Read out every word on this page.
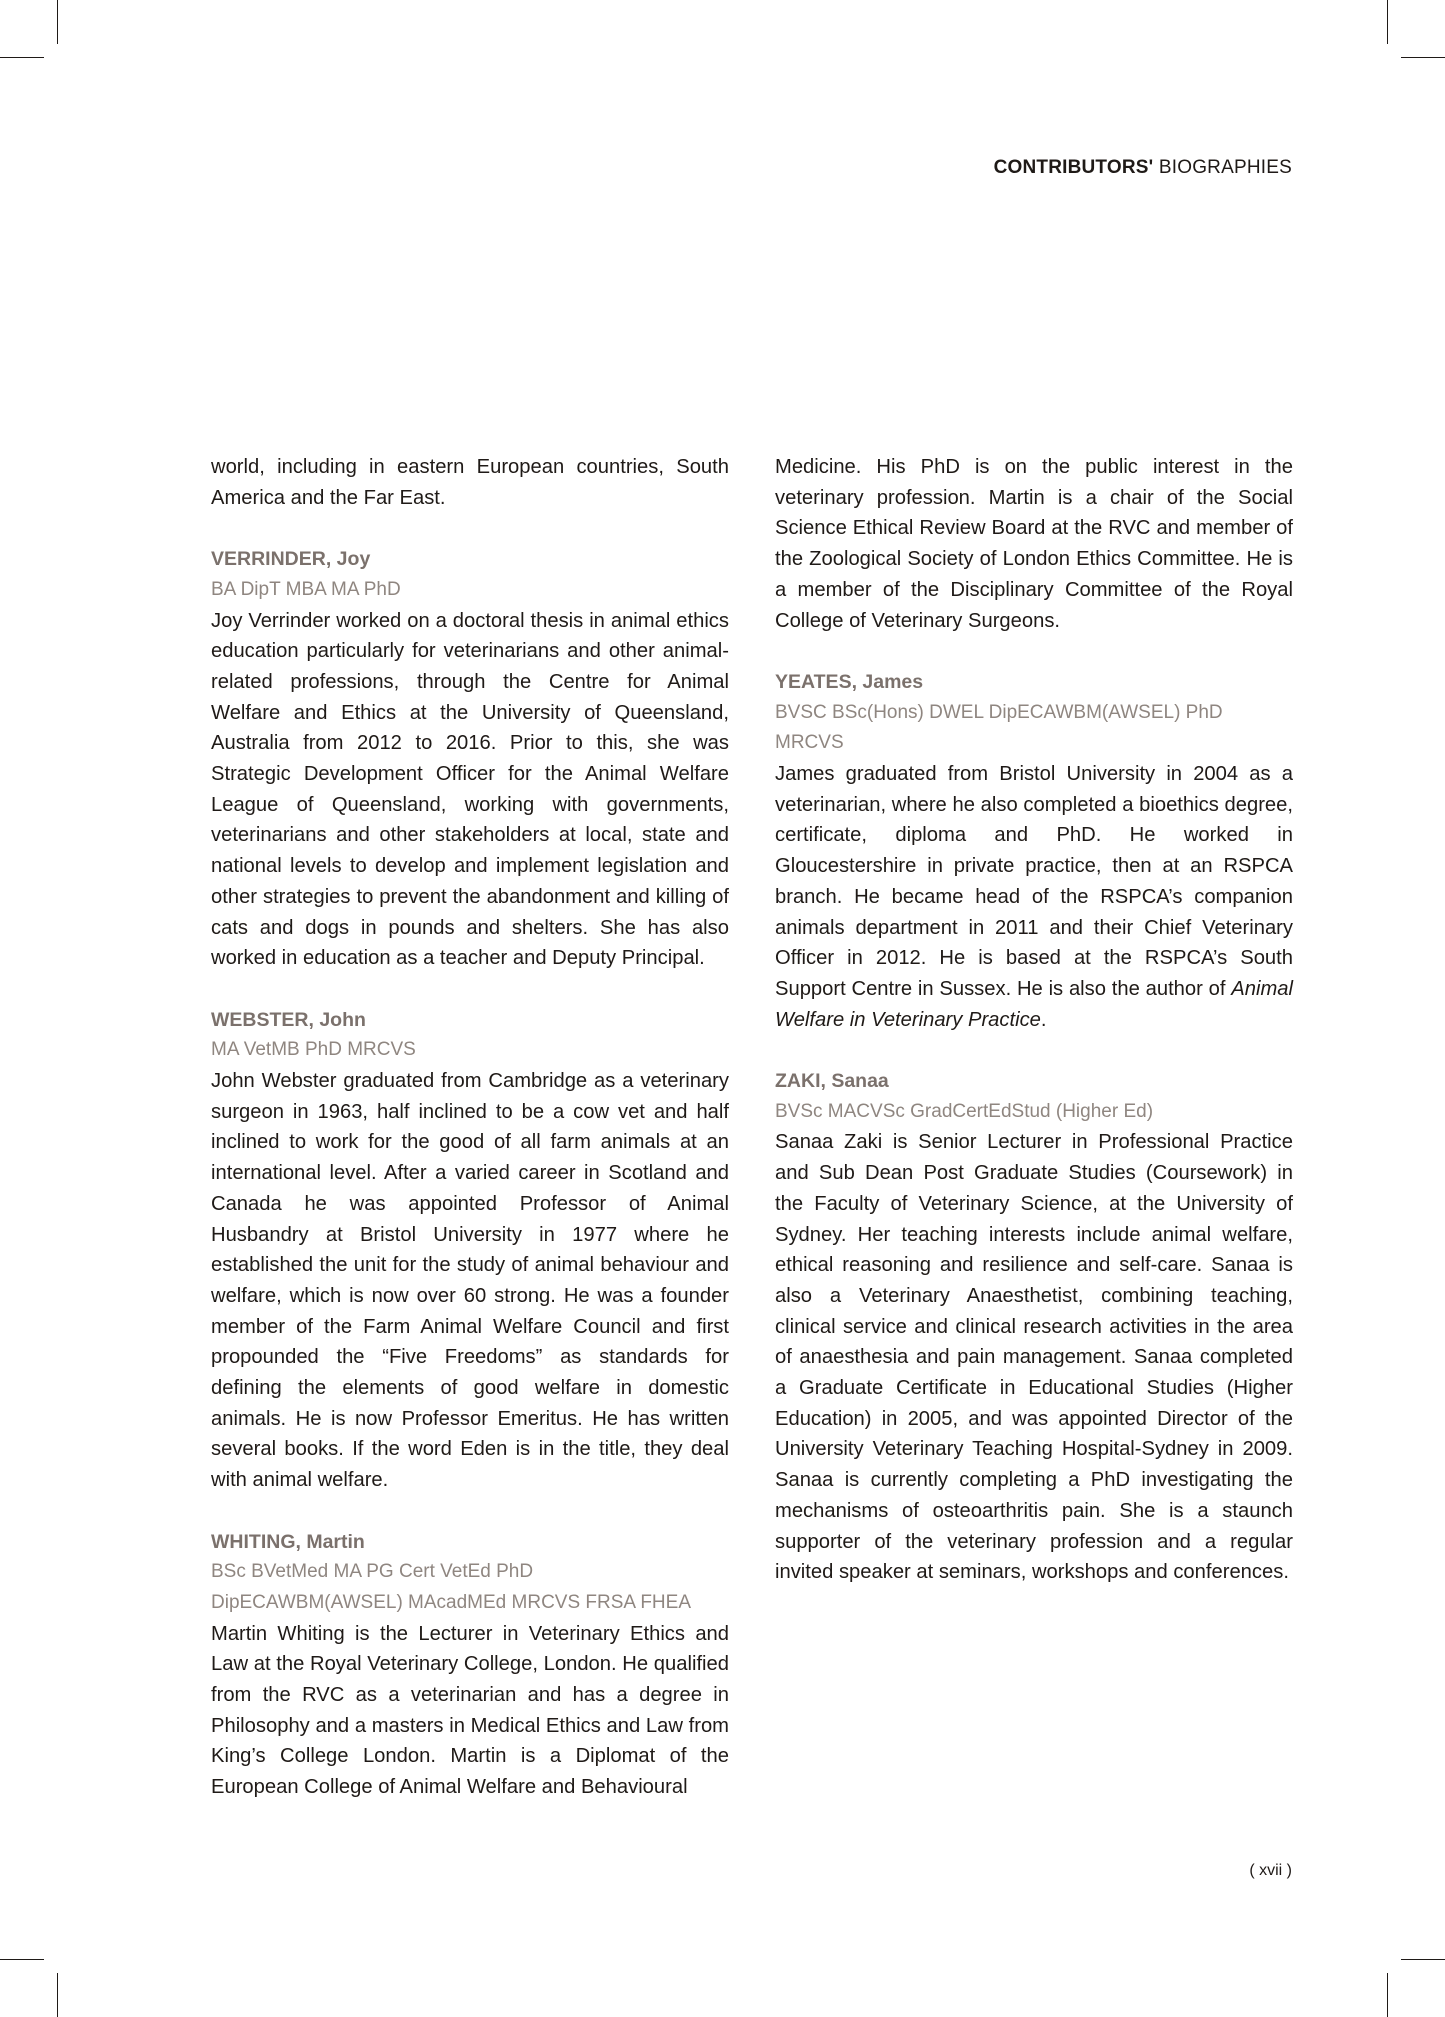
CONTRIBUTORS' BIOGRAPHIES

world, including in eastern European countries, South America and the Far East.

VERRINDER, Joy

BA DipT MBA MA PhD

Joy Verrinder worked on a doctoral thesis in animal ethics education particularly for veterinarians and other animal-related professions, through the Centre for Animal Welfare and Ethics at the University of Queensland, Australia from 2012 to 2016. Prior to this, she was Strategic Development Officer for the Animal Welfare League of Queensland, working with governments, veterinarians and other stakeholders at local, state and national levels to develop and implement legislation and other strategies to prevent the abandonment and killing of cats and dogs in pounds and shelters. She has also worked in education as a teacher and Deputy Principal.

WEBSTER, John

MA VetMB PhD MRCVS

John Webster graduated from Cambridge as a veterinary surgeon in 1963, half inclined to be a cow vet and half inclined to work for the good of all farm animals at an international level. After a varied career in Scotland and Canada he was appointed Professor of Animal Husbandry at Bristol University in 1977 where he established the unit for the study of animal behaviour and welfare, which is now over 60 strong. He was a founder member of the Farm Animal Welfare Council and first propounded the “Five Freedoms” as standards for defining the elements of good welfare in domestic animals. He is now Professor Emeritus. He has written several books. If the word Eden is in the title, they deal with animal welfare.

WHITING, Martin

BSc BVetMed MA PG Cert VetEd PhD

DipECAWBM(AWSEL) MAcadMEd MRCVS FRSA FHEA

Martin Whiting is the Lecturer in Veterinary Ethics and Law at the Royal Veterinary College, London. He qualified from the RVC as a veterinarian and has a degree in Philosophy and a masters in Medical Ethics and Law from King’s College London. Martin is a Diplomat of the European College of Animal Welfare and Behavioural

Medicine. His PhD is on the public interest in the veterinary profession. Martin is a chair of the Social Science Ethical Review Board at the RVC and member of the Zoological Society of London Ethics Committee. He is a member of the Disciplinary Committee of the Royal College of Veterinary Surgeons.

YEATES, James

BVSC BSc(Hons) DWEL DipECAWBM(AWSEL) PhD MRCVS

James graduated from Bristol University in 2004 as a veterinarian, where he also completed a bioethics degree, certificate, diploma and PhD. He worked in Gloucestershire in private practice, then at an RSPCA branch. He became head of the RSPCA’s companion animals department in 2011 and their Chief Veterinary Officer in 2012. He is based at the RSPCA’s South Support Centre in Sussex. He is also the author of Animal Welfare in Veterinary Practice.

ZAKI, Sanaa

BVSc MACVSc GradCertEdStud (Higher Ed)

Sanaa Zaki is Senior Lecturer in Professional Practice and Sub Dean Post Graduate Studies (Coursework) in the Faculty of Veterinary Science, at the University of Sydney. Her teaching interests include animal welfare, ethical reasoning and resilience and self-care. Sanaa is also a Veterinary Anaesthetist, combining teaching, clinical service and clinical research activities in the area of anaesthesia and pain management. Sanaa completed a Graduate Certificate in Educational Studies (Higher Education) in 2005, and was appointed Director of the University Veterinary Teaching Hospital-Sydney in 2009. Sanaa is currently completing a PhD investigating the mechanisms of osteoarthritis pain. She is a staunch supporter of the veterinary profession and a regular invited speaker at seminars, workshops and conferences.

( xvii )
